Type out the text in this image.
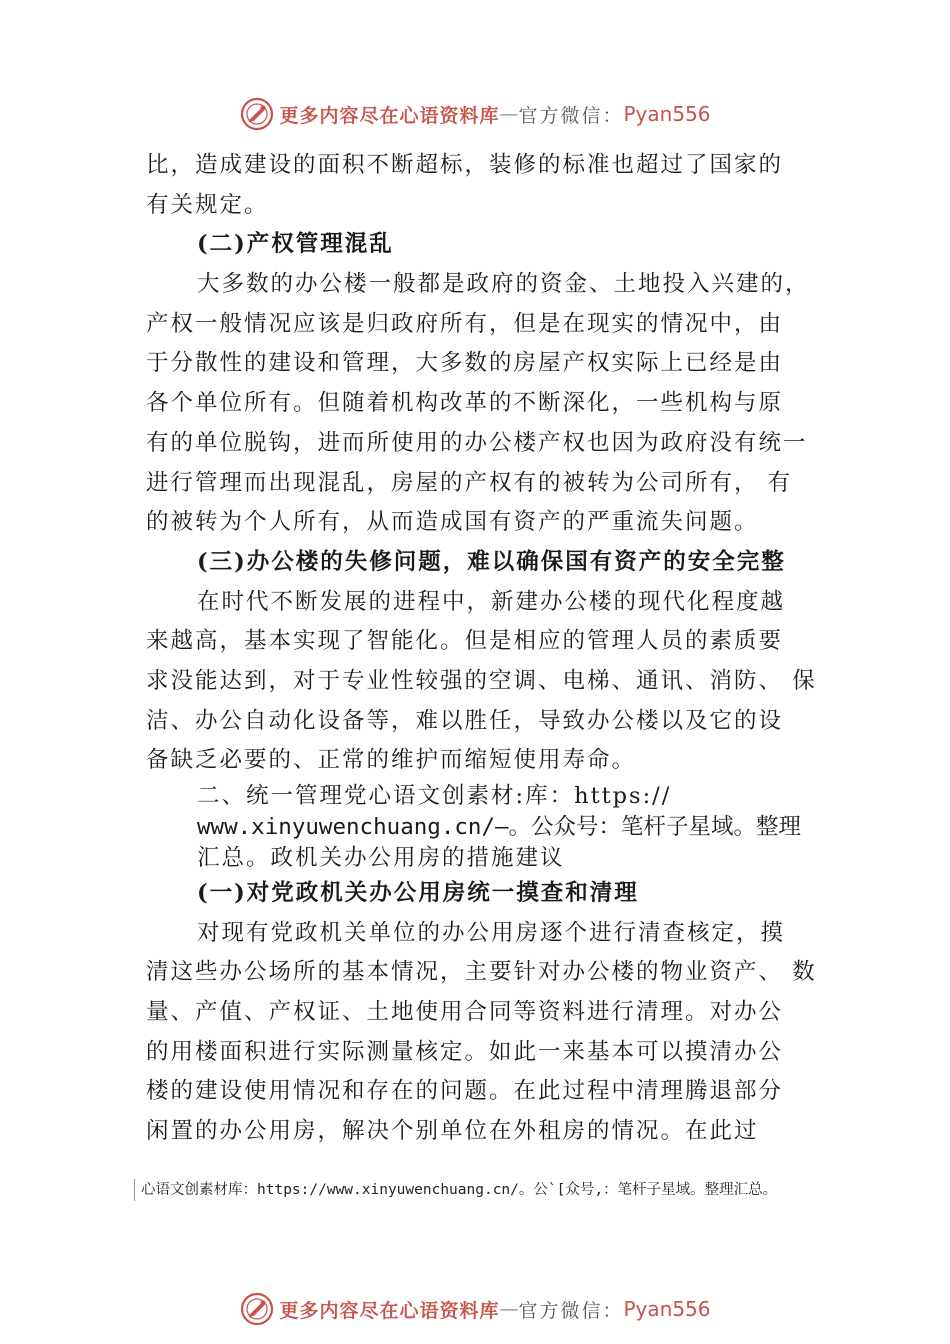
更多内容尽在心语资料库 — 官方微信： Pyan556

比，造成建设的面积不断超标，装修的标准也超过了国家的

有关规定。

(二)产权管理混乱

大多数的办公楼一般都是政府的资金、土地投入兴建的，

产权一般情况应该是归政府所有，但是在现实的情况中，由

于分散性的建设和管理，大多数的房屋产权实际上已经是由

各个单位所有。但随着机构改革的不断深化，一些机构与原

有的单位脱钩，进而所使用的办公楼产权也因为政府没有统一

进行管理而出现混乱，房屋的产权有的被转为公司所有， 有

的被转为个人所有，从而造成国有资产的严重流失问题。

(三)办公楼的失修问题，难以确保国有资产的安全完整

在时代不断发展的进程中，新建办公楼的现代化程度越

来越高，基本实现了智能化。但是相应的管理人员的素质要

求没能达到，对于专业性较强的空调、电梯、通讯、消防、 保

洁、办公自动化设备等，难以胜任，导致办公楼以及它的设

备缺乏必要的、正常的维护而缩短使用寿命。

二、统一管理党心语文创素材:库：https://

www.xinyuwenchuang.cn/—。公众号：笔杆子星域。整理

汇总。政机关办公用房的措施建议

(一)对党政机关办公用房统一摸查和清理

对现有党政机关单位的办公用房逐个进行清查核定，摸

清这些办公场所的基本情况，主要针对办公楼的物业资产、 数

量、产值、产权证、土地使用合同等资料进行清理。对办公

的用楼面积进行实际测量核定。如此一来基本可以摸清办公

楼的建设使用情况和存在的问题。在此过程中清理腾退部分

闲置的办公用房，解决个别单位在外租房的情况。在此过

心语文创素材库：https://www.xinyuwenchuang.cn/。公`[众号,：笔杆子星域。整理汇总。
更多内容尽在心语资料库 — 官方微信： Pyan556
